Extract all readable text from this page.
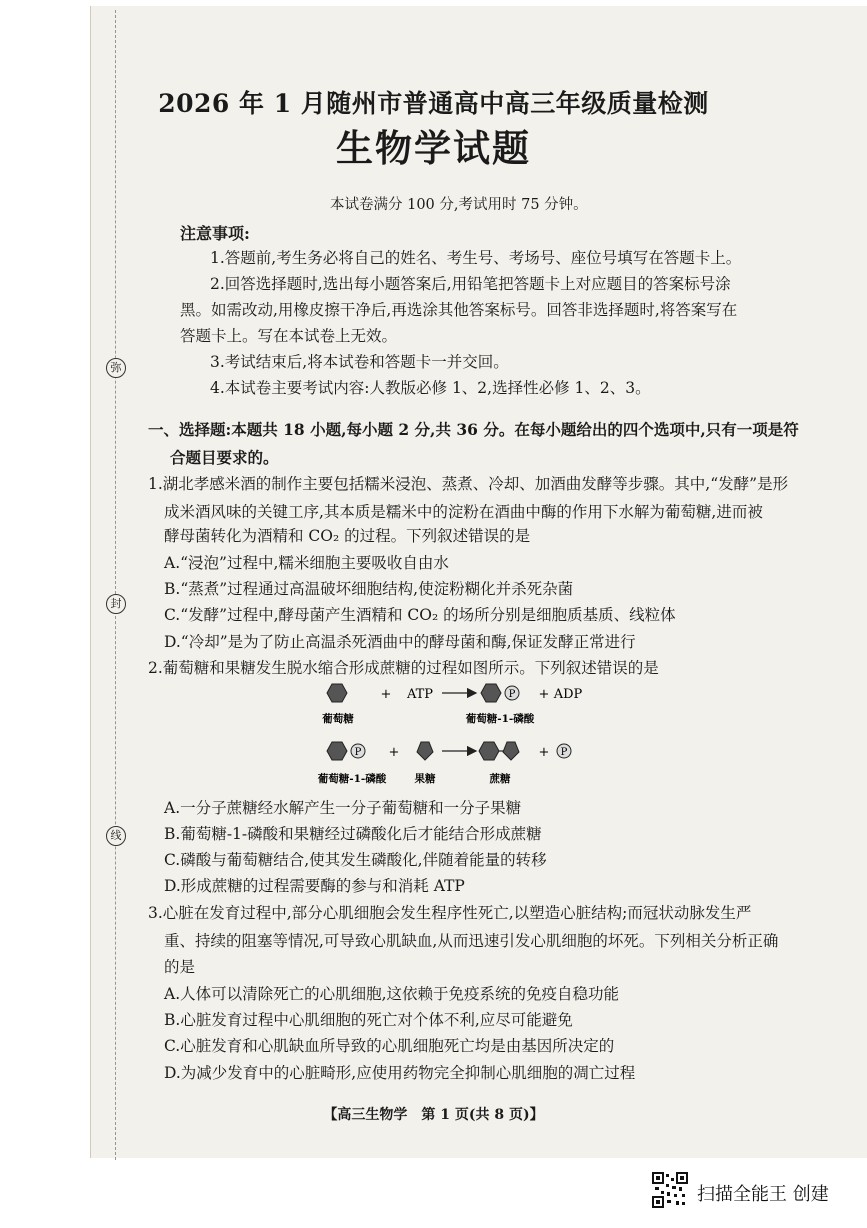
弥
封
线
2026 年 1 月随州市普通高中高三年级质量检测
生物学试题
本试卷满分 100 分,考试用时 75 分钟。
注意事项:
1.答题前,考生务必将自己的姓名、考生号、考场号、座位号填写在答题卡上。
2.回答选择题时,选出每小题答案后,用铅笔把答题卡上对应题目的答案标号涂
黑。如需改动,用橡皮擦干净后,再选涂其他答案标号。回答非选择题时,将答案写在
答题卡上。写在本试卷上无效。
3.考试结束后,将本试卷和答题卡一并交回。
4.本试卷主要考试内容:人教版必修 1、2,选择性必修 1、2、3。
一、选择题:本题共 18 小题,每小题 2 分,共 36 分。在每小题给出的四个选项中,只有一项是符
合题目要求的。
1.湖北孝感米酒的制作主要包括糯米浸泡、蒸煮、冷却、加酒曲发酵等步骤。其中,“发酵”是形
成米酒风味的关键工序,其本质是糯米中的淀粉在酒曲中酶的作用下水解为葡萄糖,进而被
酵母菌转化为酒精和 CO₂ 的过程。下列叙述错误的是
A.“浸泡”过程中,糯米细胞主要吸收自由水
B.“蒸煮”过程通过高温破坏细胞结构,使淀粉糊化并杀死杂菌
C.“发酵”过程中,酵母菌产生酒精和 CO₂ 的场所分别是细胞质基质、线粒体
D.“冷却”是为了防止高温杀死酒曲中的酵母菌和酶,保证发酵正常进行
2.葡萄糖和果糖发生脱水缩合形成蔗糖的过程如图所示。下列叙述错误的是
+ ATP	P + ADP
葡萄糖	葡萄糖-1-磷酸
P +	+ P
葡萄糖-1-磷酸	果糖	蔗糖
A.一分子蔗糖经水解产生一分子葡萄糖和一分子果糖
B.葡萄糖-1-磷酸和果糖经过磷酸化后才能结合形成蔗糖
C.磷酸与葡萄糖结合,使其发生磷酸化,伴随着能量的转移
D.形成蔗糖的过程需要酶的参与和消耗 ATP
3.心脏在发育过程中,部分心肌细胞会发生程序性死亡,以塑造心脏结构;而冠状动脉发生严
重、持续的阻塞等情况,可导致心肌缺血,从而迅速引发心肌细胞的坏死。下列相关分析正确
的是
A.人体可以清除死亡的心肌细胞,这依赖于免疫系统的免疫自稳功能
B.心脏发育过程中心肌细胞的死亡对个体不利,应尽可能避免
C.心脏发育和心肌缺血所导致的心肌细胞死亡均是由基因所决定的
D.为减少发育中的心脏畸形,应使用药物完全抑制心肌细胞的凋亡过程
【高三生物学　第 1 页(共 8 页)】
扫描全能王 创建
